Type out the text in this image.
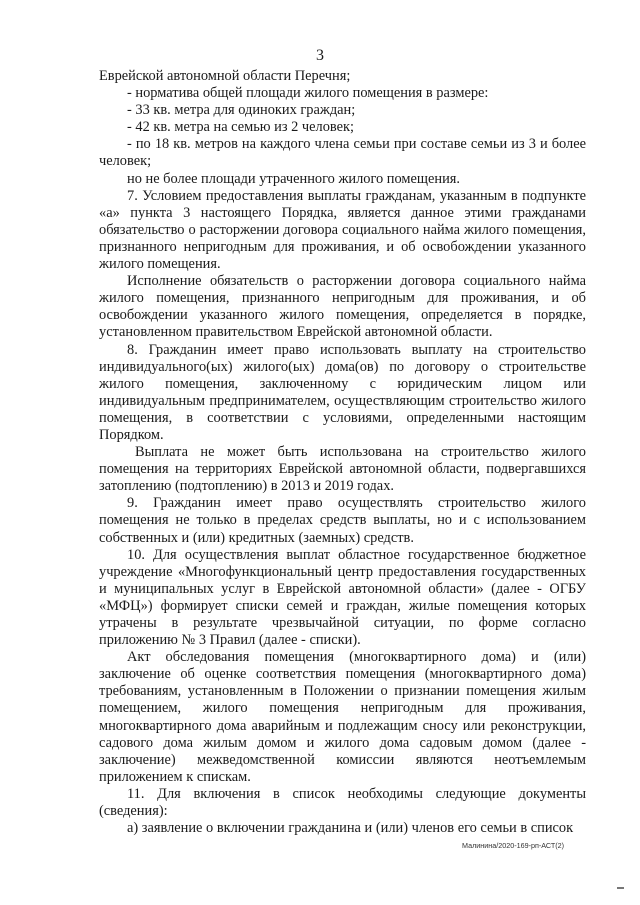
3

Еврейской автономной области Перечня;

- норматива общей площади жилого помещения в размере:

- 33 кв. метра для одиноких граждан;

- 42 кв. метра на семью из 2 человек;

- по 18 кв. метров на каждого члена семьи при составе семьи из 3 и более человек;

но не более площади утраченного жилого помещения.

7. Условием предоставления выплаты гражданам, указанным в подпункте «а» пункта 3 настоящего Порядка, является данное этими гражданами обязательство о расторжении договора социального найма жилого помещения, признанного непригодным для проживания, и об освобождении указанного жилого помещения.

Исполнение обязательств о расторжении договора социального найма жилого помещения, признанного непригодным для проживания, и об освобождении указанного жилого помещения, определяется в порядке, установленном правительством Еврейской автономной области.

8. Гражданин имеет право использовать выплату на строительство индивидуального(ых) жилого(ых) дома(ов) по договору о строительстве жилого помещения, заключенному с юридическим лицом или индивидуальным предпринимателем, осуществляющим строительство жилого помещения, в соответствии с условиями, определенными настоящим Порядком.

Выплата не может быть использована на строительство жилого помещения на территориях Еврейской автономной области, подвергавшихся затоплению (подтоплению) в 2013 и 2019 годах.

9. Гражданин имеет право осуществлять строительство жилого помещения не только в пределах средств выплаты, но и с использованием собственных и (или) кредитных (заемных) средств.

10. Для осуществления выплат областное государственное бюджетное учреждение «Многофункциональный центр предоставления государственных и муниципальных услуг в Еврейской автономной области» (далее - ОГБУ «МФЦ») формирует списки семей и граждан, жилые помещения которых утрачены в результате чрезвычайной ситуации, по форме согласно приложению № 3 Правил (далее - списки).

Акт обследования помещения (многоквартирного дома) и (или) заключение об оценке соответствия помещения (многоквартирного дома) требованиям, установленным в Положении о признании помещения жилым помещением, жилого помещения непригодным для проживания, многоквартирного дома аварийным и подлежащим сносу или реконструкции, садового дома жилым домом и жилого дома садовым домом (далее - заключение) межведомственной комиссии являются неотъемлемым приложением к спискам.

11. Для включения в список необходимы следующие документы (сведения):

а) заявление о включении гражданина и (или) членов его семьи в список

Малинина/2020-169-рп-АСТ(2)
